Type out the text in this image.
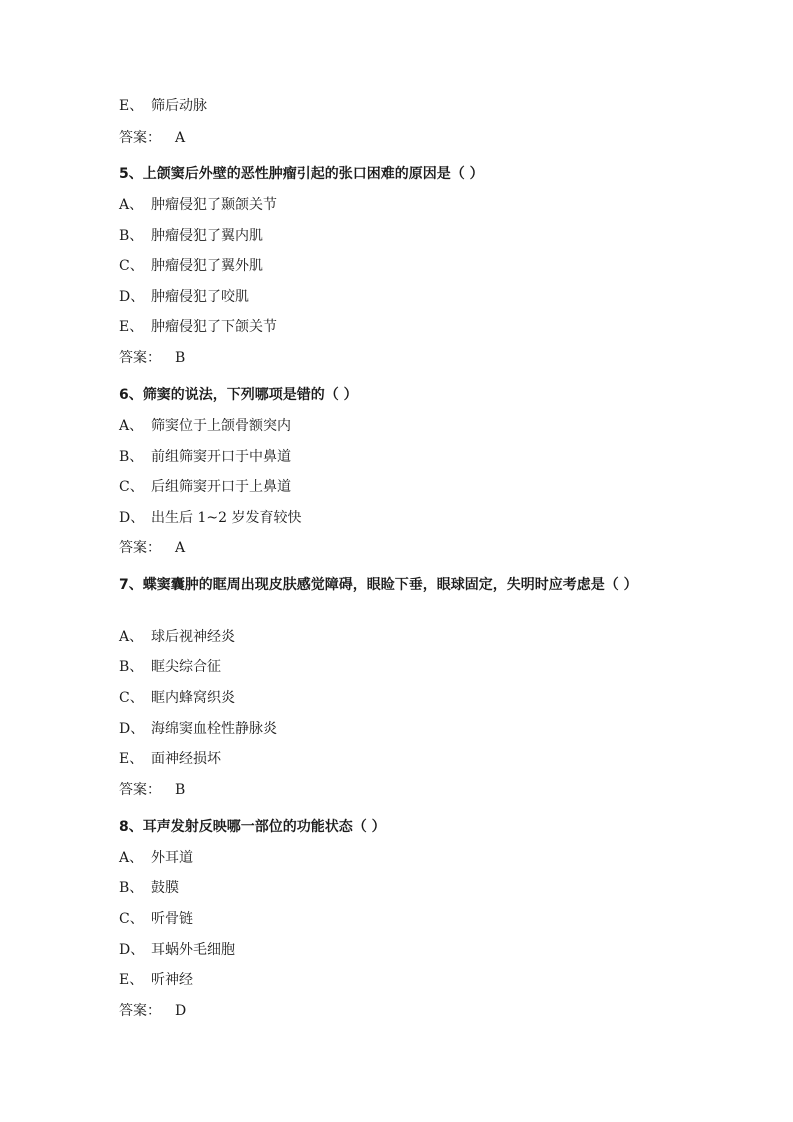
E、 筛后动脉
答案： A
5、上颌窦后外壁的恶性肿瘤引起的张口困难的原因是（ ）
A、 肿瘤侵犯了颞颌关节
B、 肿瘤侵犯了翼内肌
C、 肿瘤侵犯了翼外肌
D、 肿瘤侵犯了咬肌
E、 肿瘤侵犯了下颌关节
答案： B
6、筛窦的说法，下列哪项是错的（ ）
A、 筛窦位于上颌骨额突内
B、 前组筛窦开口于中鼻道
C、 后组筛窦开口于上鼻道
D、 出生后 1~2 岁发育较快
答案： A
7、蝶窦囊肿的眶周出现皮肤感觉障碍，眼睑下垂，眼球固定，失明时应考虑是（ ）
A、 球后视神经炎
B、 眶尖综合征
C、 眶内蜂窝织炎
D、 海绵窦血栓性静脉炎
E、 面神经损坏
答案： B
8、耳声发射反映哪一部位的功能状态（ ）
A、 外耳道
B、 鼓膜
C、 听骨链
D、 耳蜗外毛细胞
E、 听神经
答案： D
